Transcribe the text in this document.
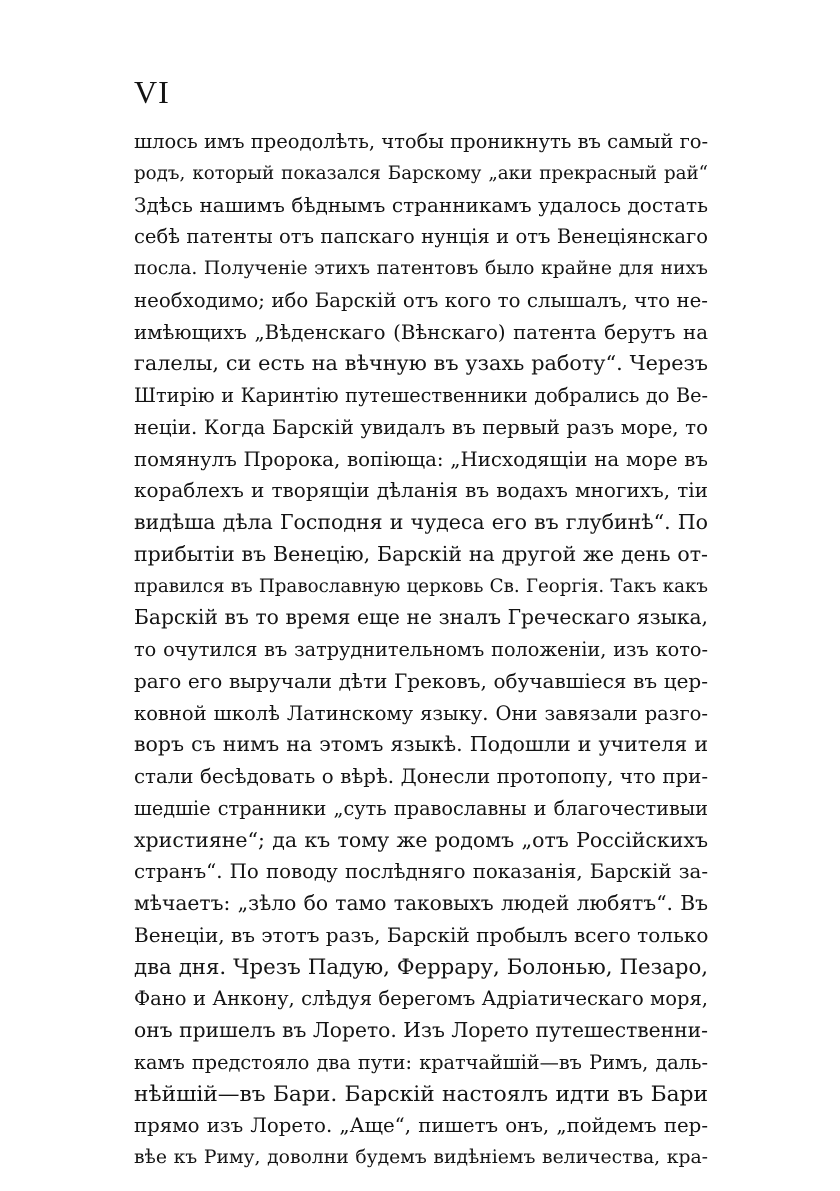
VI
шлось имъ преодолѣть, чтобы проникнуть въ самый го-
родъ, который показался Барскому „аки прекрасный рай“
Здѣсь нашимъ бѣднымъ странникамъ удалось достать
себѣ патенты отъ папскаго нунція и отъ Венеціянскаго
посла. Полученіе этихъ патентовъ было крайне для нихъ
необходимо; ибо Барскій отъ кого то слышалъ, что не-
имѣющихъ „Вѣденскаго (Вѣнскаго) патента берутъ на
галелы, си есть на вѣчную въ узахь работу“. Черезъ
Штирію и Каринтію путешественники добрались до Ве-
неціи. Когда Барскій увидалъ въ первый разъ море, то
помянулъ Пророка, вопіюща: „Нисходящіи на море въ
кораблехъ и творящіи дѣланія въ водахъ многихъ, тіи
видѣша дѣла Господня и чудеса его въ глубинѣ“. По
прибытіи въ Венецію, Барскій на другой же день от-
правился въ Православную церковь Св. Георгія. Такъ какъ
Барскій въ то время еще не зналъ Греческаго языка,
то очутился въ затруднительномъ положеніи, изъ кото-
раго его выручали дѣти Грековъ, обучавшіеся въ цер-
ковной школѣ Латинскому языку. Они завязали разго-
воръ съ нимъ на этомъ языкѣ. Подошли и учителя и
стали бесѣдовать о вѣрѣ. Донесли протопопу, что при-
шедшіе странники „суть православны и благочестивыи
християне“; да къ тому же родомъ „отъ Россійскихъ
странъ“. По поводу послѣдняго показанія, Барскій за-
мѣчаетъ: „зѣло бо тамо таковыхъ людей любятъ“. Въ
Венеціи, въ этотъ разъ, Барскій пробылъ всего только
два дня. Чрезъ Падую, Феррару, Болонью, Пезаро,
Фано и Анкону, слѣдуя берегомъ Адріатическаго моря,
онъ пришелъ въ Лорето. Изъ Лорето путешественни-
камъ предстояло два пути: кратчайшій—въ Римъ, даль-
нѣйшій—въ Бари. Барскій настоялъ идти въ Бари
прямо изъ Лорето. „Аще“, пишетъ онъ, „пойдемъ пер-
вѣе къ Риму, доволни будемъ видѣніемъ величества, кра-
